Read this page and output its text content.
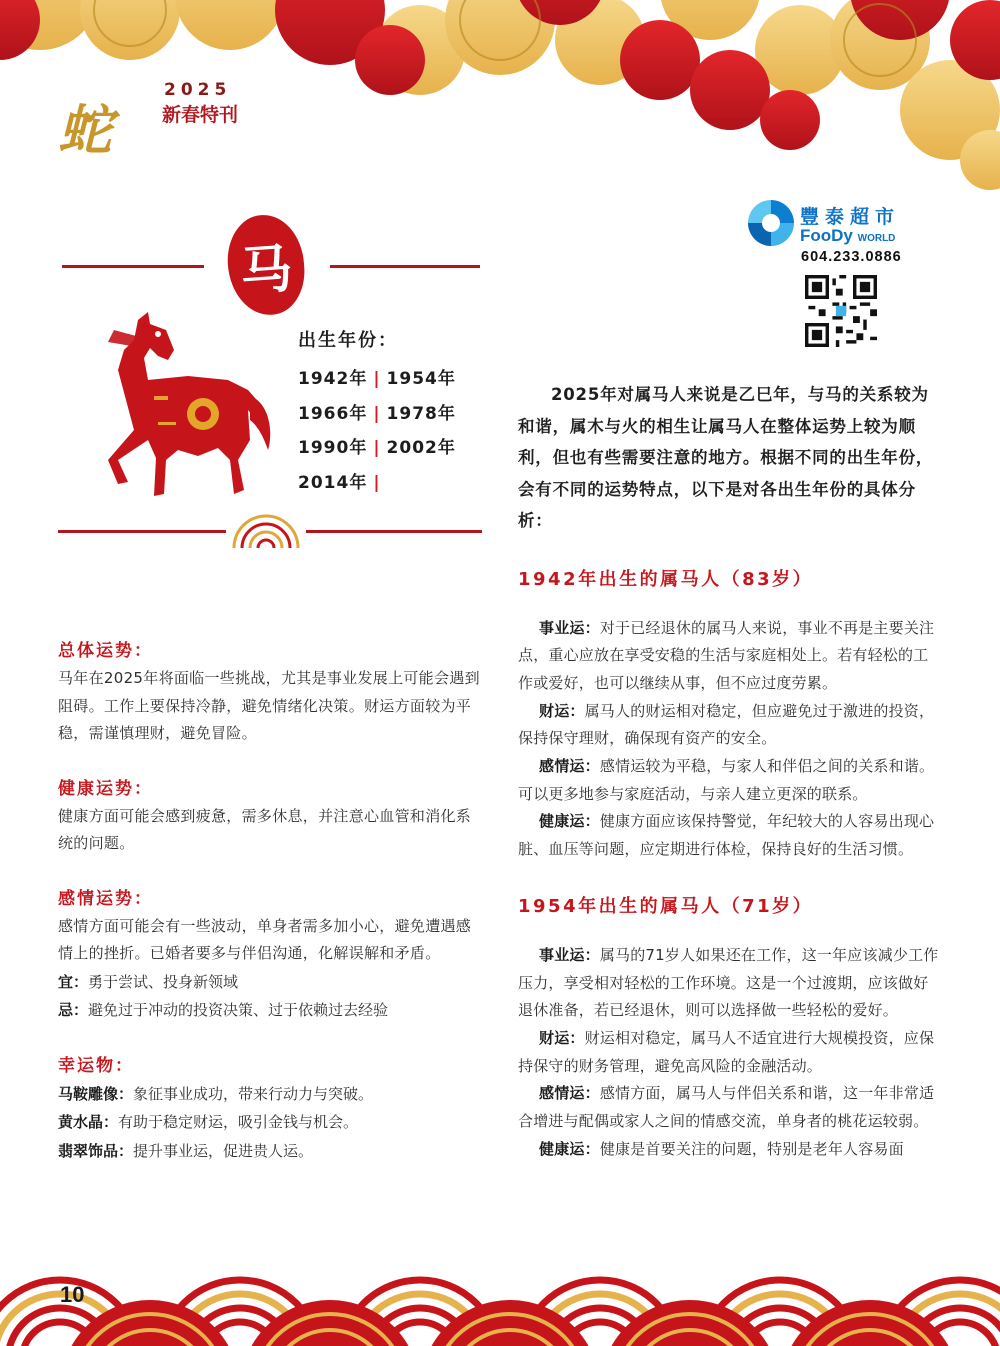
蛇
2025
新春特刊
马
出生年份：
1942年 | 1954年
1966年 | 1978年
1990年 | 2002年
2014年 |
豐泰超市
FooDy WORLD
604.233.0886
总体运势：
马年在2025年将面临一些挑战，尤其是事业发展上可能会遇到阻碍。工作上要保持冷静，避免情绪化决策。财运方面较为平稳，需谨慎理财，避免冒险。
健康运势：
健康方面可能会感到疲惫，需多休息，并注意心血管和消化系统的问题。
感情运势：
感情方面可能会有一些波动，单身者需多加小心，避免遭遇感情上的挫折。已婚者要多与伴侣沟通，化解误解和矛盾。
宜：勇于尝试、投身新领域
忌：避免过于冲动的投资决策、过于依赖过去经验
幸运物：
马鞍雕像：象征事业成功，带来行动力与突破。
黄水晶：有助于稳定财运，吸引金钱与机会。
翡翠饰品：提升事业运，促进贵人运。
2025年对属马人来说是乙巳年，与马的关系较为和谐，属木与火的相生让属马人在整体运势上较为顺利，但也有些需要注意的地方。根据不同的出生年份，会有不同的运势特点，以下是对各出生年份的具体分析：
1942年出生的属马人（83岁）
事业运：对于已经退休的属马人来说，事业不再是主要关注点，重心应放在享受安稳的生活与家庭相处上。若有轻松的工作或爱好，也可以继续从事，但不应过度劳累。
财运：属马人的财运相对稳定，但应避免过于激进的投资，保持保守理财，确保现有资产的安全。
感情运：感情运较为平稳，与家人和伴侣之间的关系和谐。可以更多地参与家庭活动，与亲人建立更深的联系。
健康运：健康方面应该保持警觉，年纪较大的人容易出现心脏、血压等问题，应定期进行体检，保持良好的生活习惯。
1954年出生的属马人（71岁）
事业运：属马的71岁人如果还在工作，这一年应该减少工作压力，享受相对轻松的工作环境。这是一个过渡期，应该做好退休准备，若已经退休，则可以选择做一些轻松的爱好。
财运：财运相对稳定，属马人不适宜进行大规模投资，应保持保守的财务管理，避免高风险的金融活动。
感情运：感情方面，属马人与伴侣关系和谐，这一年非常适合增进与配偶或家人之间的情感交流，单身者的桃花运较弱。
健康运：健康是首要关注的问题，特别是老年人容易面
10
